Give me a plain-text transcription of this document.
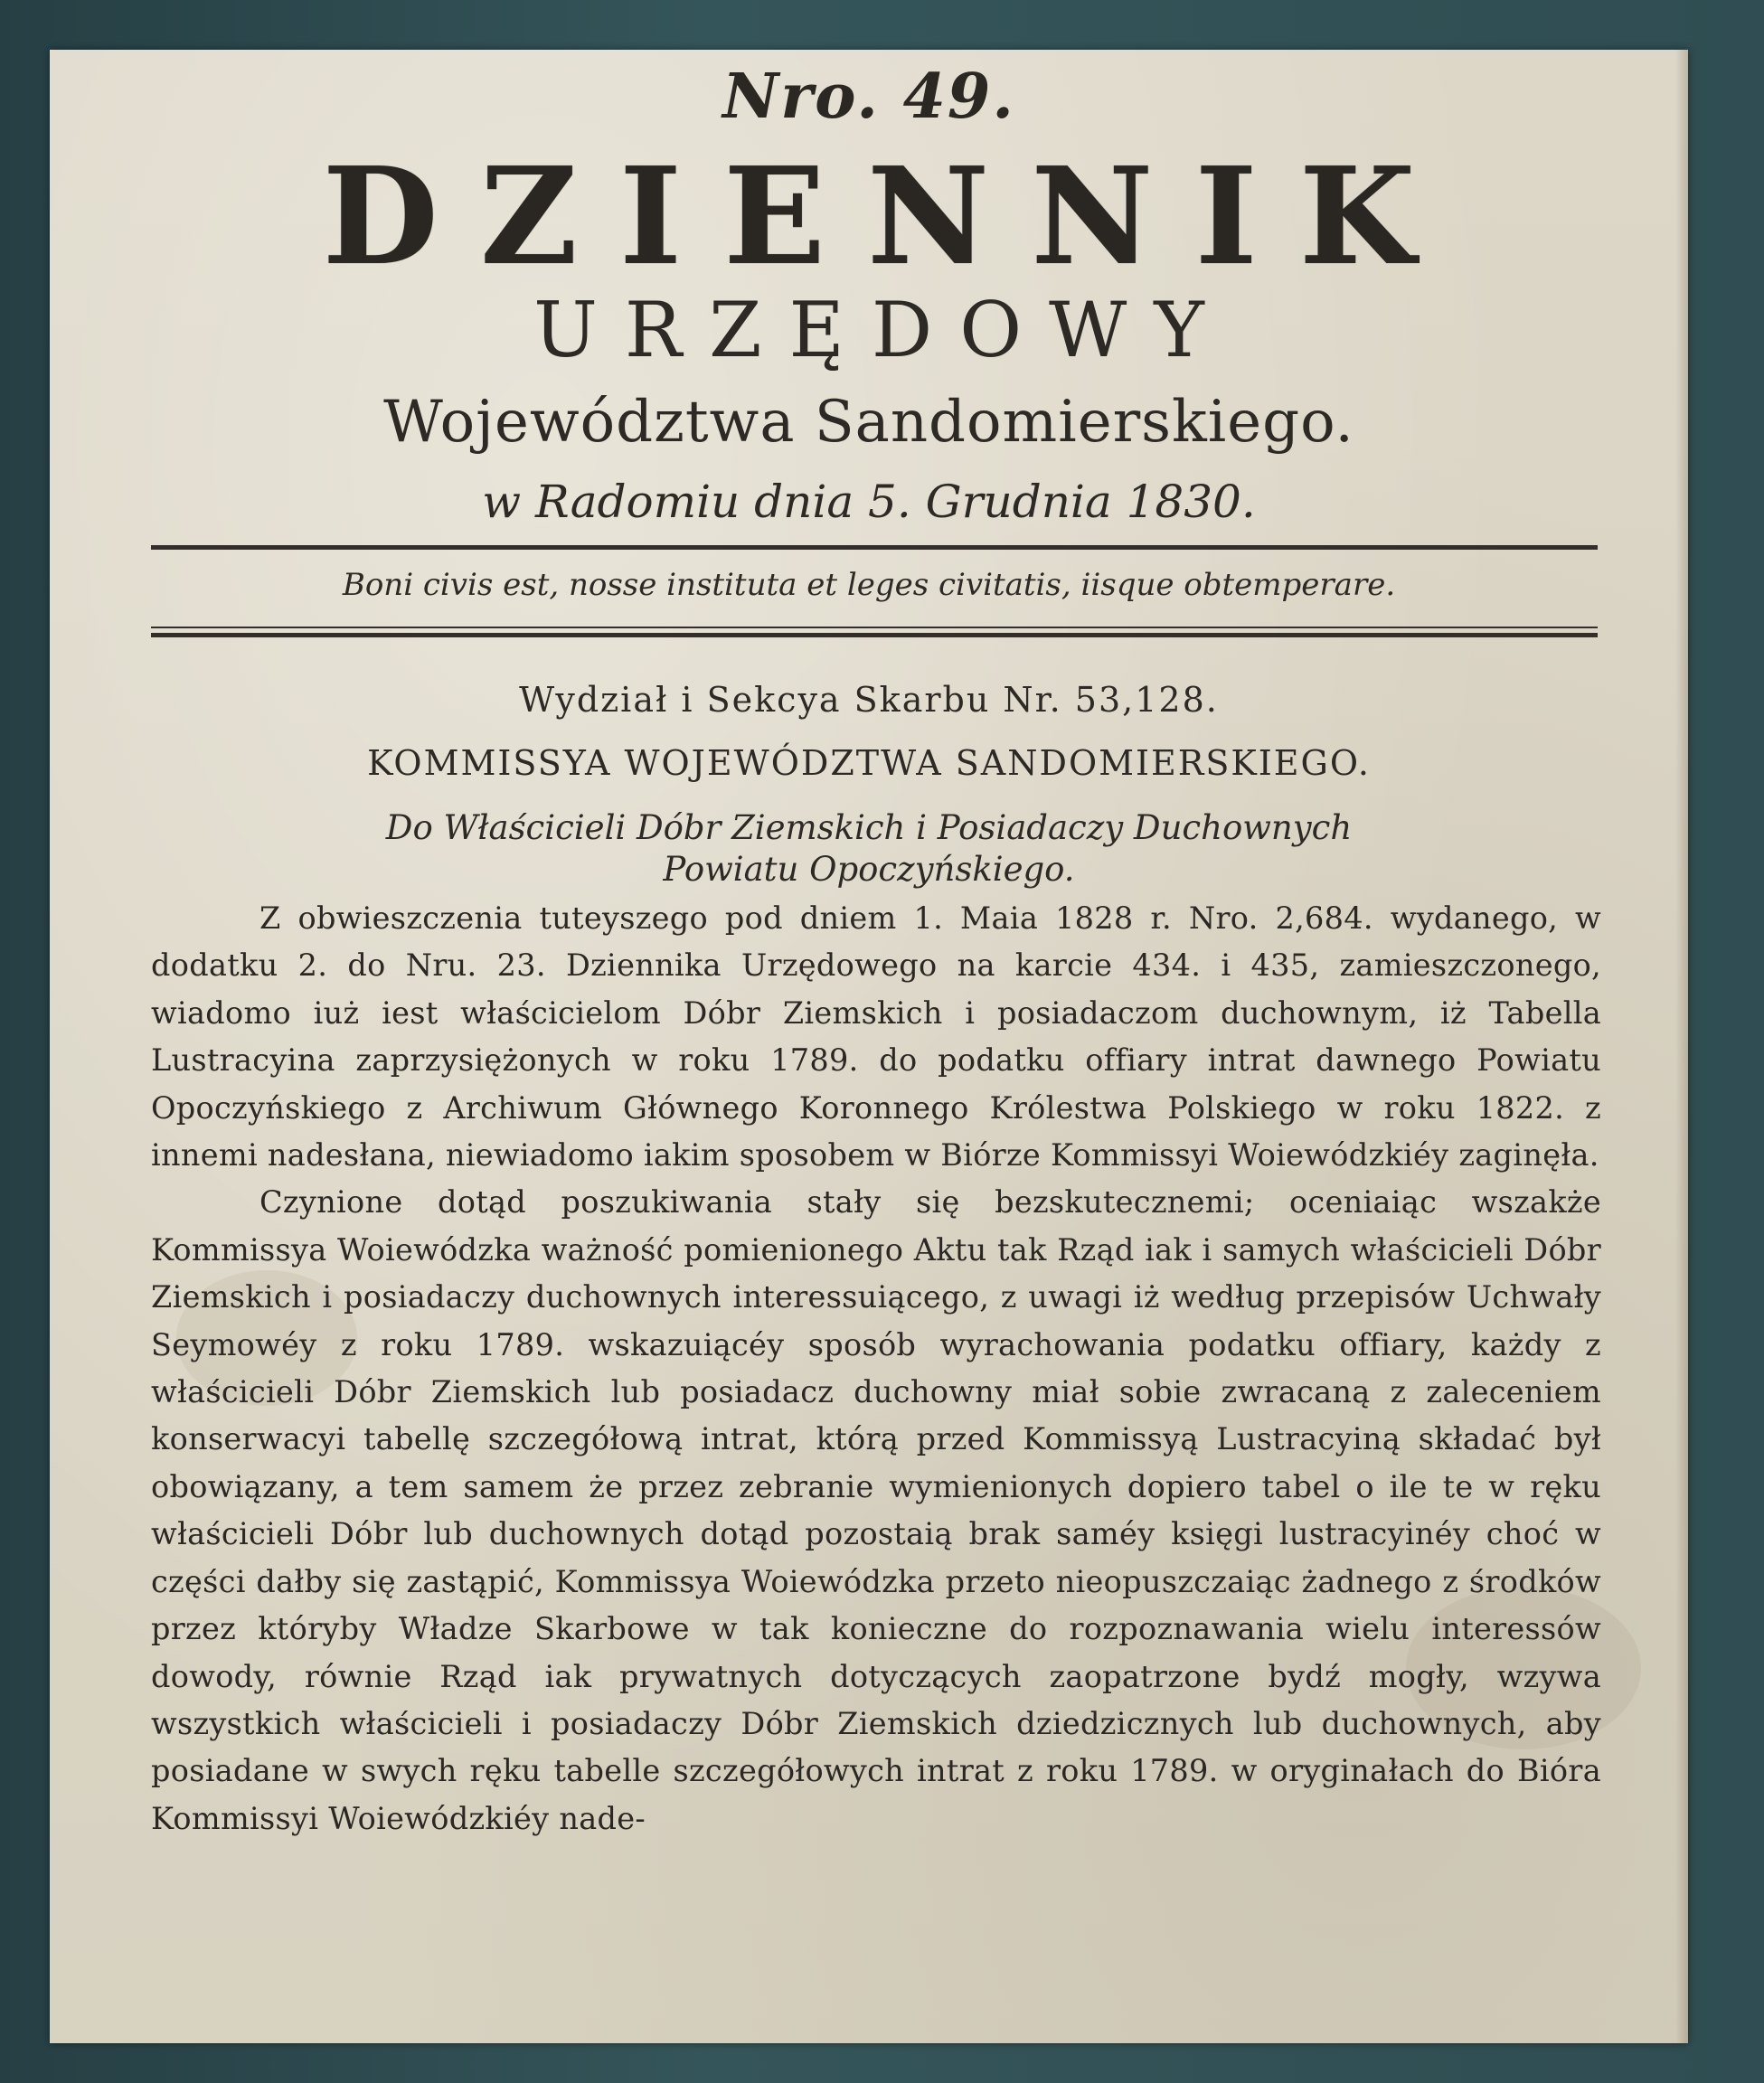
Nro. 49.
DZIENNIK
URZĘDOWY
Województwa Sandomierskiego.
w Radomiu dnia 5. Grudnia 1830.
Boni civis est, nosse instituta et leges civitatis, iisque obtemperare.
Wydział i Sekcya Skarbu Nr. 53,128.
KOMMISSYA WOJEWÓDZTWA SANDOMIERSKIEGO.
Do Właścicieli Dóbr Ziemskich i Posiadaczy Duchownych
Powiatu Opoczyńskiego.

Z obwieszczenia tuteyszego pod dniem 1. Maia 1828 r. Nro. 2,684. wydanego, w dodatku 2. do Nru. 23. Dziennika Urzędowego na karcie 434. i 435, zamieszczonego, wiadomo iuż iest właścicielom Dóbr Ziemskich i posiadaczom duchownym, iż Tabella Lustracyina zaprzysiężonych w roku 1789. do podatku offiary intrat dawnego Powiatu Opoczyńskiego z Archiwum Głównego Koronnego Królestwa Polskiego w roku 1822. z innemi nadesłana, niewiadomo iakim sposobem w Biórze Kommissyi Woiewódzkiéy zaginęła.

Czynione dotąd poszukiwania stały się bezskutecznemi; oceniaiąc wszakże Kommissya Woiewódzka ważność pomienionego Aktu tak Rząd iak i samych właścicieli Dóbr Ziemskich i posiadaczy duchownych interessuiącego, z uwagi iż według przepisów Uchwały Seymowéy z roku 1789. wskazuiącéy sposób wyrachowania podatku offiary, każdy z właścicieli Dóbr Ziemskich lub posiadacz duchowny miał sobie zwracaną z zaleceniem konserwacyi tabellę szczegółową intrat, którą przed Kommissyą Lustracyiną składać był obowiązany, a tem samem że przez zebranie wymienionych dopiero tabel o ile te w ręku właścicieli Dóbr lub duchownych dotąd pozostaią brak saméy księgi lustracyinéy choć w części dałby się zastąpić, Kommissya Woiewódzka przeto nieopuszczaiąc żadnego z środków przez któryby Władze Skarbowe w tak konieczne do rozpoznawania wielu interessów dowody, równie Rząd iak prywatnych dotyczących zaopatrzone bydź mogły, wzywa wszystkich właścicieli i posiadaczy Dóbr Ziemskich dziedzicznych lub duchownych, aby posiadane w swych ręku tabelle szczegółowych intrat z roku 1789. w oryginałach do Bióra Kommissyi Woiewódzkiéy nade-
